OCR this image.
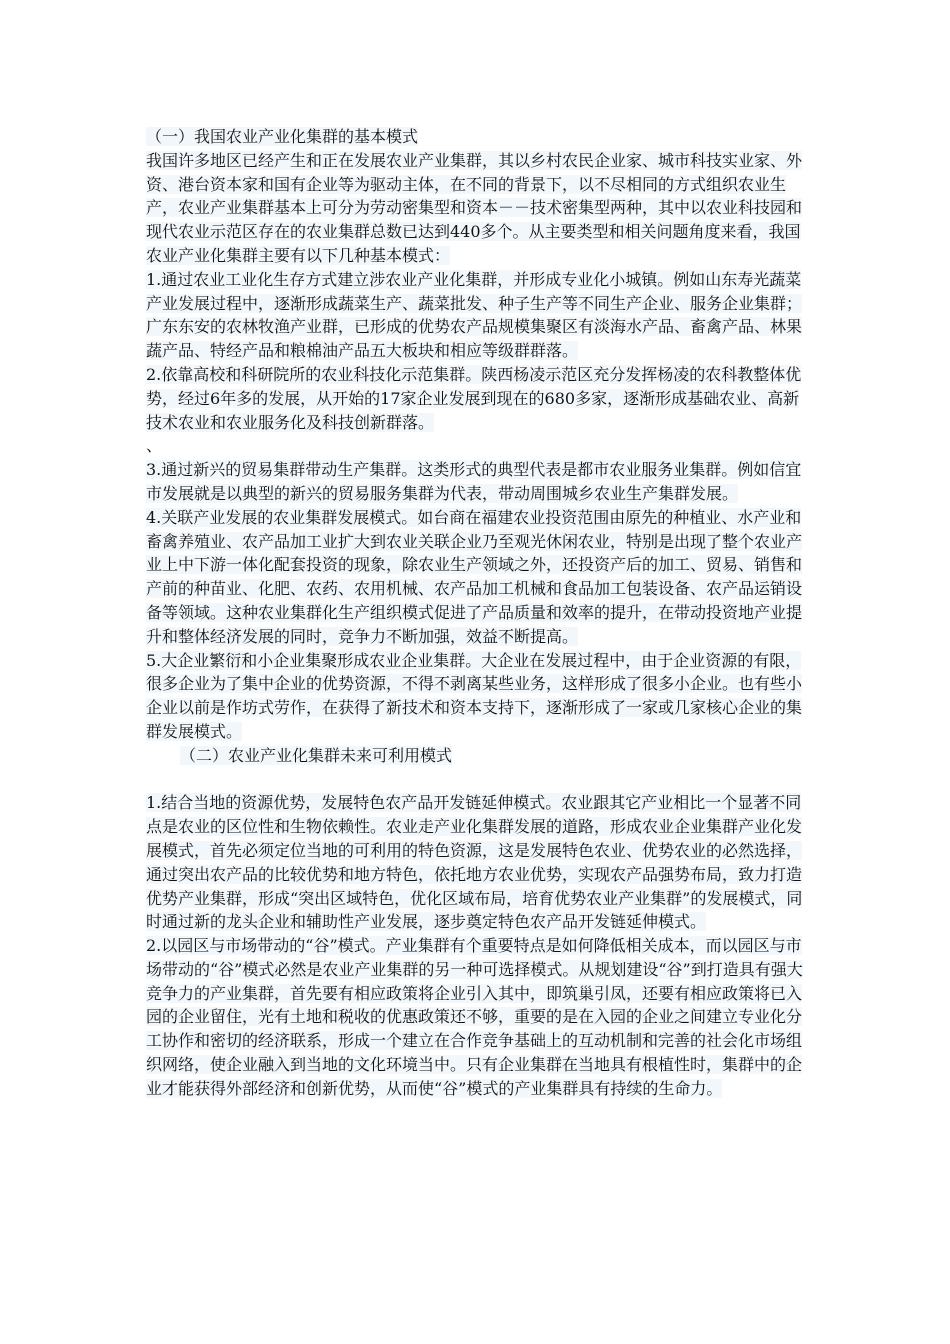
（一）我国农业产业化集群的基本模式
我国许多地区已经产生和正在发展农业产业集群，其以乡村农民企业家、城市科技实业家、外资、港台资本家和国有企业等为驱动主体，在不同的背景下，以不尽相同的方式组织农业生产，农业产业集群基本上可分为劳动密集型和资本－－技术密集型两种，其中以农业科技园和现代农业示范区存在的农业集群总数已达到440多个。从主要类型和相关问题角度来看，我国农业产业化集群主要有以下几种基本模式：
1.通过农业工业化生存方式建立涉农业产业化集群，并形成专业化小城镇。例如山东寿光蔬菜产业发展过程中，逐渐形成蔬菜生产、蔬菜批发、种子生产等不同生产企业、服务企业集群；广东东安的农林牧渔产业群，已形成的优势农产品规模集聚区有淡海水产品、畜禽产品、林果蔬产品、特经产品和粮棉油产品五大板块和相应等级群群落。
2.依靠高校和科研院所的农业科技化示范集群。陕西杨凌示范区充分发挥杨凌的农科教整体优势，经过6年多的发展，从开始的17家企业发展到现在的680多家，逐渐形成基础农业、高新技术农业和农业服务化及科技创新群落。
、
3.通过新兴的贸易集群带动生产集群。这类形式的典型代表是都市农业服务业集群。例如信宜市发展就是以典型的新兴的贸易服务集群为代表，带动周围城乡农业生产集群发展。
4.关联产业发展的农业集群发展模式。如台商在福建农业投资范围由原先的种植业、水产业和畜禽养殖业、农产品加工业扩大到农业关联企业乃至观光休闲农业，特别是出现了整个农业产业上中下游一体化配套投资的现象，除农业生产领域之外，还投资产后的加工、贸易、销售和产前的种苗业、化肥、农药、农用机械、农产品加工机械和食品加工包装设备、农产品运销设备等领域。这种农业集群化生产组织模式促进了产品质量和效率的提升，在带动投资地产业提升和整体经济发展的同时，竞争力不断加强，效益不断提高。
5.大企业繁衍和小企业集聚形成农业企业集群。大企业在发展过程中，由于企业资源的有限，很多企业为了集中企业的优势资源，不得不剥离某些业务，这样形成了很多小企业。也有些小企业以前是作坊式劳作，在获得了新技术和资本支持下，逐渐形成了一家或几家核心企业的集群发展模式。
（二）农业产业化集群未来可利用模式
1.结合当地的资源优势，发展特色农产品开发链延伸模式。农业跟其它产业相比一个显著不同点是农业的区位性和生物依赖性。农业走产业化集群发展的道路，形成农业企业集群产业化发展模式，首先必须定位当地的可利用的特色资源，这是发展特色农业、优势农业的必然选择，通过突出农产品的比较优势和地方特色，依托地方农业优势，实现农产品强势布局，致力打造优势产业集群，形成“突出区域特色，优化区域布局，培育优势农业产业集群”的发展模式，同时通过新的龙头企业和辅助性产业发展，逐步奠定特色农产品开发链延伸模式。
2.以园区与市场带动的“谷”模式。产业集群有个重要特点是如何降低相关成本，而以园区与市场带动的“谷”模式必然是农业产业集群的另一种可选择模式。从规划建设“谷”到打造具有强大竞争力的产业集群，首先要有相应政策将企业引入其中，即筑巢引凤，还要有相应政策将已入园的企业留住，光有土地和税收的优惠政策还不够，重要的是在入园的企业之间建立专业化分工协作和密切的经济联系，形成一个建立在合作竞争基础上的互动机制和完善的社会化市场组织网络，使企业融入到当地的文化环境当中。只有企业集群在当地具有根植性时，集群中的企业才能获得外部经济和创新优势，从而使“谷”模式的产业集群具有持续的生命力。
